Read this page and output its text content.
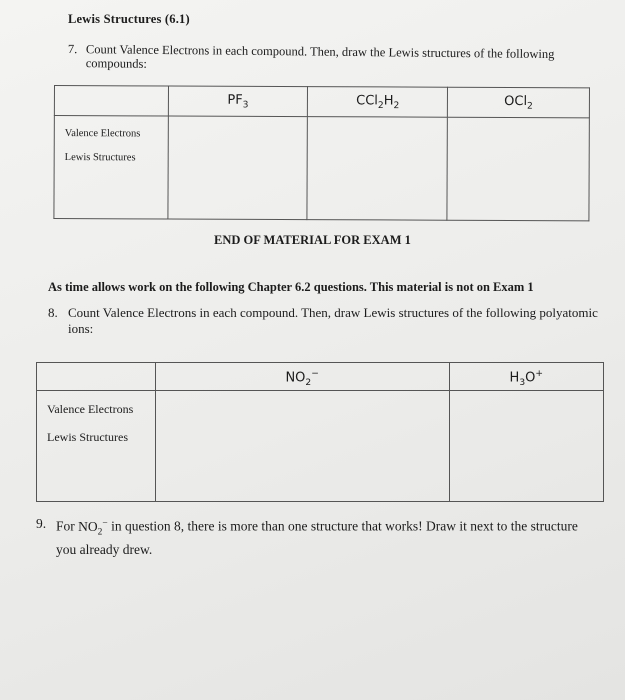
Lewis Structures (6.1)
7. Count Valence Electrons in each compound. Then, draw the Lewis structures of the following compounds:
	$PF_3$	$CCl_2H_2$	OCl$_2$

Valence Electrons
Lewis Structures			

END OF MATERIAL FOR EXAM 1
As time allows work on the following Chapter 6.2 questions. This material is not on Exam 1
8. Count Valence Electrons in each compound. Then, draw Lewis structures of the following polyatomic ions:
	$NO_2^-$	$H_3O^+$

Valence Electrons
Lewis Structures		

9. For $NO_2^-$ in question 8, there is more than one structure that works! Draw it next to the structure you already drew.
